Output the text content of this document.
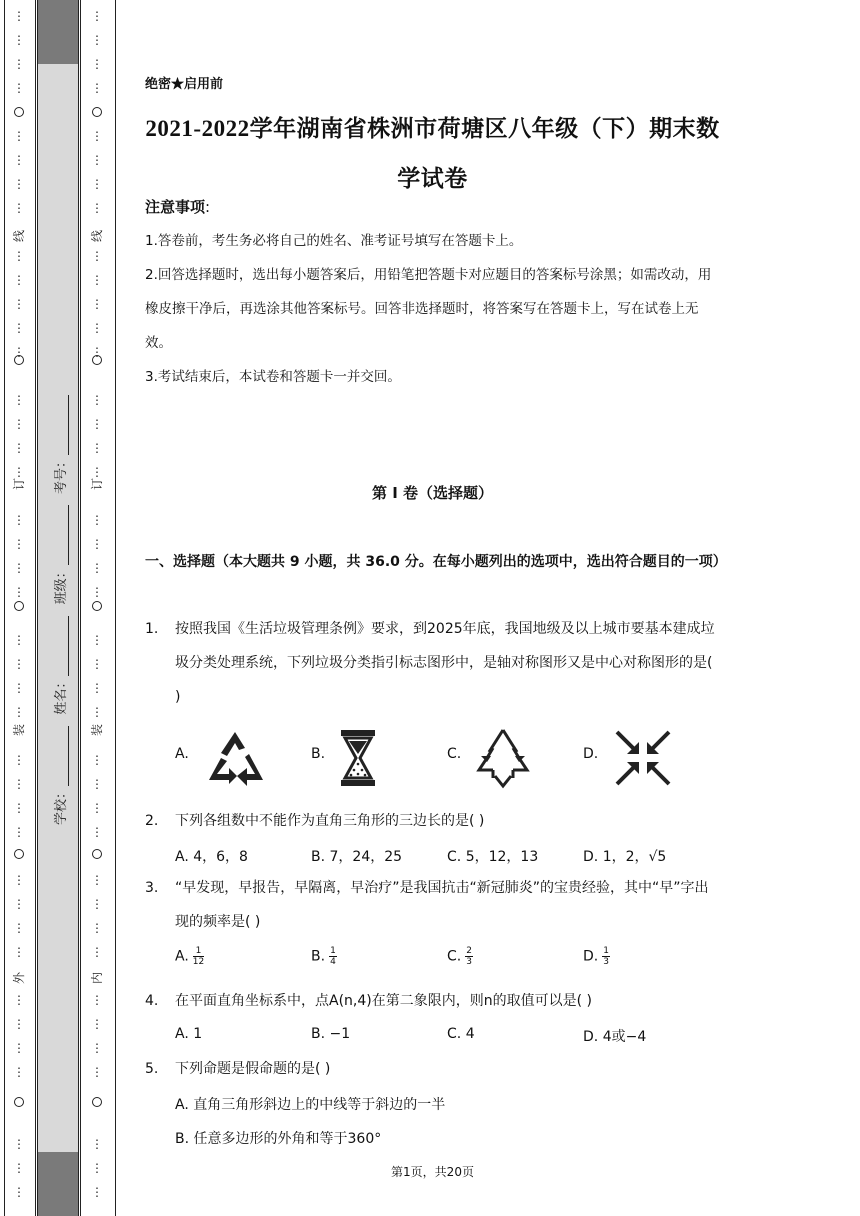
⋮
⋮
⋮
⋮
⋮
⋮
⋮
⋮
⋮
⋮
⋮
⋮
⋮
⋮
⋮
⋮
⋮
⋮
⋮
⋮
⋮
⋮
⋮
⋮
⋮
⋮
⋮
⋮
⋮
⋮
⋮
⋮
⋮
⋮
⋮
⋮
⋮
⋮
⋮
⋮
线
订
装
外
学校：
姓名：
班级：
考号：
⋮
⋮
⋮
⋮
⋮
⋮
⋮
⋮
⋮
⋮
⋮
⋮
⋮
⋮
⋮
⋮
⋮
⋮
⋮
⋮
⋮
⋮
⋮
⋮
⋮
⋮
⋮
⋮
⋮
⋮
⋮
⋮
⋮
⋮
⋮
⋮
⋮
⋮
⋮
⋮
线
订
装
内
绝密★启用前
2021-2022学年湖南省株洲市荷塘区八年级（下）期末数
学试卷
注意事项:
1.答卷前，考生务必将自己的姓名、准考证号填写在答题卡上。
2.回答选择题时，选出每小题答案后，用铅笔把答题卡对应题目的答案标号涂黑；如需改动，用橡皮擦干净后，再选涂其他答案标号。回答非选择题时，将答案写在答题卡上，写在试卷上无效。
3.考试结束后，本试卷和答题卡一并交回。
第 I 卷（选择题）
一、选择题（本大题共 9 小题，共 36.0 分。在每小题列出的选项中，选出符合题目的一项）
1. 按照我国《生活垃圾管理条例》要求，到2025年底，我国地级及以上城市要基本建成垃圾分类处理系统，下列垃圾分类指引标志图形中，是轴对称图形又是中心对称图形的是( )
A.	B.	C.	D.
2. 下列各组数中不能作为直角三角形的三边长的是( )
A. 4，6，8	B. 7，24，25	C. 5，12，13	D. 1，2，√5
3. “早发现，早报告，早隔离，早治疗”是我国抗击“新冠肺炎”的宝贵经验，其中“早”字出现的频率是( )
A. $\frac{1}{12}$	B. $\frac{1}{4}$	C. $\frac{2}{3}$	D. $\frac{1}{3}$
4. 在平面直角坐标系中，点A(n,4)在第二象限内，则n的取值可以是( )
A. 1	B. −1	C. 4	D. 4或−4
5. 下列命题是假命题的是( )
A. 直角三角形斜边上的中线等于斜边的一半
B. 任意多边形的外角和等于360°
第1页，共20页
